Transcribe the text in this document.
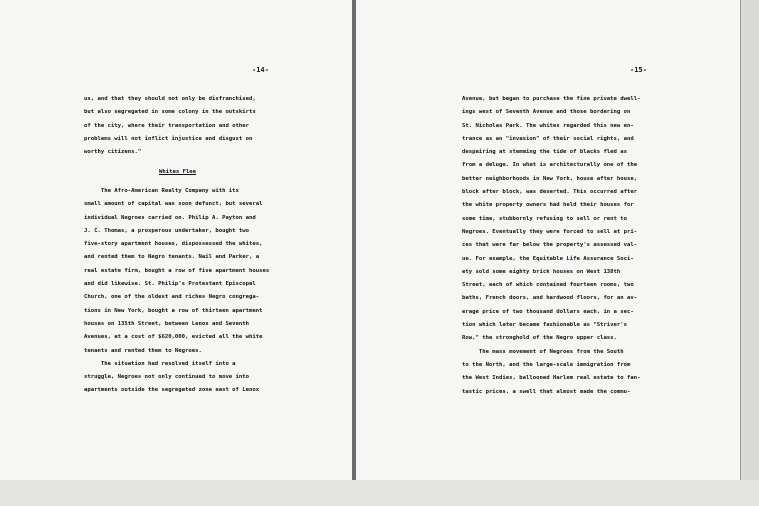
-14-
us, and that they should not only be disfranchised,
but also segregated in some colony in the outskirts
of the city, where their transportation and other
problems will not inflict injustice and disgust on
worthy citizens."
Whites Flee
The Afro-American Realty Company with its
small amount of capital was soon defunct, but several
individual Negroes carried on. Philip A. Payton and
J. C. Thomas, a prosperous undertaker, bought two
five-story apartment houses, dispossessed the whites,
and rented them to Negro tenants. Nail and Parker, a
real estate firm, bought a row of five apartment houses
and did likewise. St. Philip's Protestant Episcopal
Church, one of the oldest and riches Negro congrega-
tions in New York, bought a row of thirteen apartment
houses on 135th Street, between Lenox and Seventh
Avenues, at a cost of $620,000, evicted all the white
tenants and rented them to Negroes.
The situation had resolved itself into a
struggle, Negroes not only continued to move into
apartments outside the segregated zone east of Lenox
-15-
Avenue, but began to purchase the fine private dwell-
ings west of Seventh Avenue and those bordering on
St. Nicholas Park. The whites regarded this new en-
trance as an "invasion" of their social rights, and
despairing at stemming the tide of blacks fled as
from a deluge. In what is architecturally one of the
better neighborhoods in New York, house after house,
block after block, was deserted. This occurred after
the white property owners had held their houses for
some time, stubbornly refusing to sell or rent to
Negroes. Eventually they were forced to sell at pri-
ces that were far below the property's assessed val-
ue. For example, the Equitable Life Assurance Soci-
ety sold some eighty brick houses on West 138th
Street, each of which contained fourteen rooms, two
baths, French doors, and hardwood floors, for an av-
erage price of two thousand dollars each, in a sec-
tion which later became fashionable as "Striver's
Row," the stronghold of the Negro upper class.
The mass movement of Negroes from the South
to the North, and the large-scale immigration from
the West Indies, ballooned Harlem real estate to fan-
tastic prices, a swell that almost made the commu-
